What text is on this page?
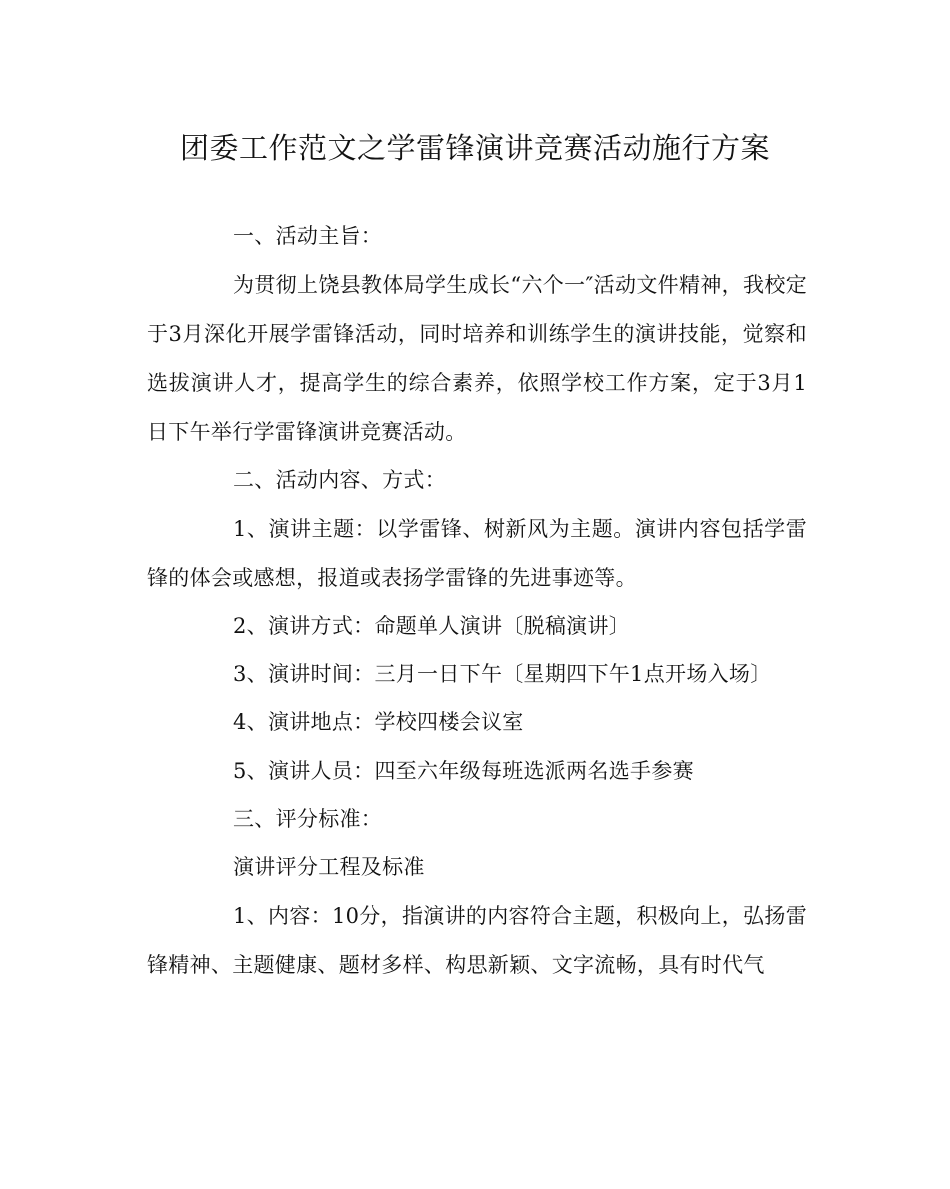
团委工作范文之学雷锋演讲竞赛活动施行方案
一、活动主旨：
为贯彻上饶县教体局学生成长“六个一″活动文件精神，我校定于3月深化开展学雷锋活动，同时培养和训练学生的演讲技能，觉察和选拔演讲人才，提高学生的综合素养，依照学校工作方案，定于3月1日下午举行学雷锋演讲竞赛活动。
二、活动内容、方式：
1、演讲主题：以学雷锋、树新风为主题。演讲内容包括学雷锋的体会或感想，报道或表扬学雷锋的先进事迹等。
2、演讲方式：命题单人演讲〔脱稿演讲〕
3、演讲时间：三月一日下午〔星期四下午1点开场入场〕
4、演讲地点：学校四楼会议室
5、演讲人员：四至六年级每班选派两名选手参赛
三、评分标准：
演讲评分工程及标准
1、内容：10分，指演讲的内容符合主题，积极向上，弘扬雷锋精神、主题健康、题材多样、构思新颖、文字流畅，具有时代气
